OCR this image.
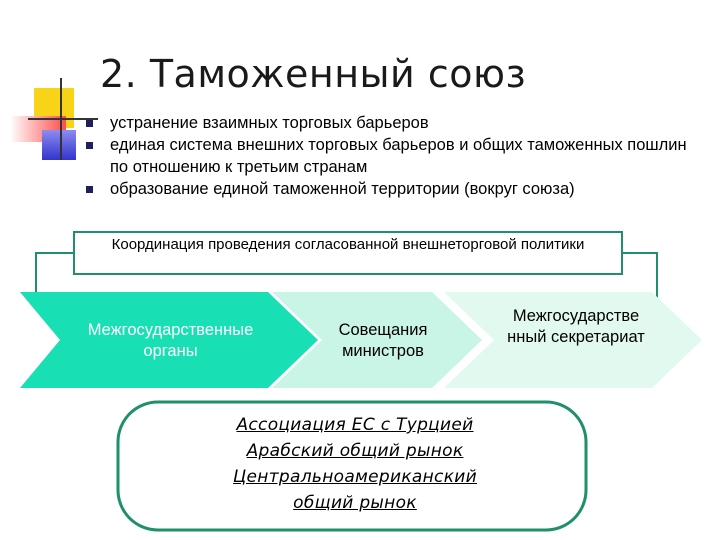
2. Таможенный союз
устранение взаимных торговых барьеров
единая система внешних торговых барьеров и общих таможенных пошлин по отношению к третьим странам
образование единой таможенной территории (вокруг союза)
Координация проведения согласованной внешнеторговой политики
Межгосударственные органы
Совещания министров
Межгосударстве нный секретариат
Ассоциация ЕС с Турцией
Арабский общий рынок
Центральноамериканский
общий рынок
